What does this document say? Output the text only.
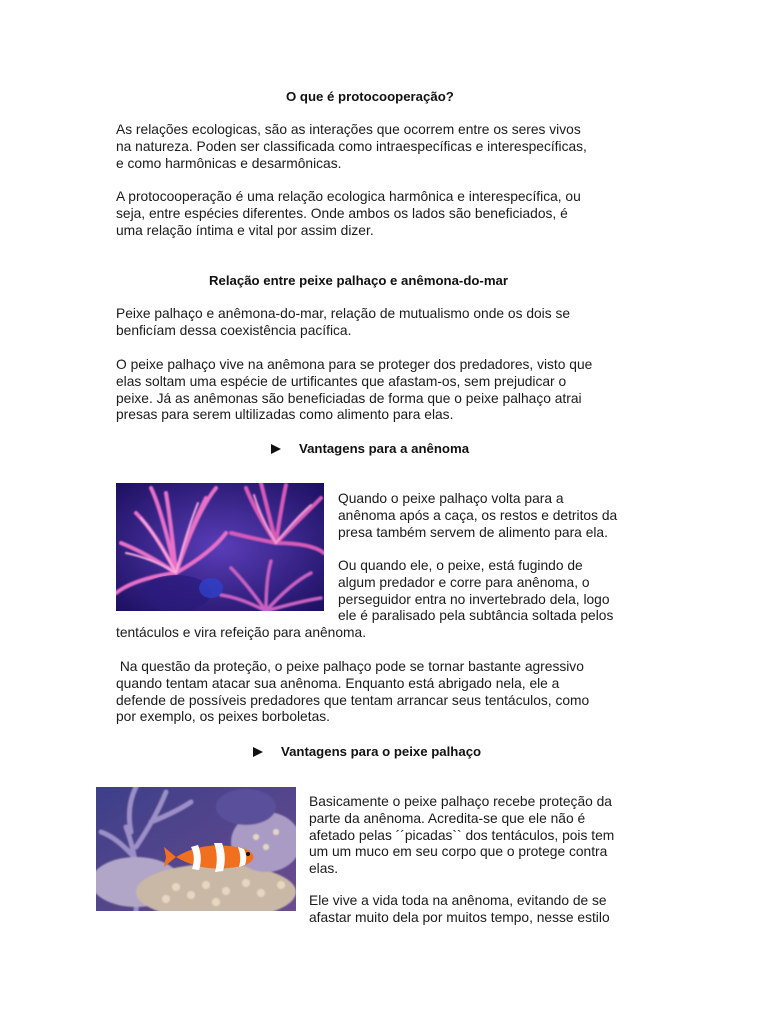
O que é protocooperação?
As relações ecologicas, são as interações que ocorrem entre os seres vivos
na natureza. Poden ser classificada como intraespecíficas e interespecíficas,
e como harmônicas e desarmônicas.
A protocooperação é uma relação ecologica harmônica e interespecífica, ou
seja, entre espécies diferentes. Onde ambos os lados são beneficiados, é
uma relação íntima e vital por assim dizer.
Relação entre peixe palhaço e anêmona-do-mar
Peixe palhaço e anêmona-do-mar, relação de mutualismo onde os dois se
benficíam dessa coexistência pacífica.
O peixe palhaço vive na anêmona para se proteger dos predadores, visto que
elas soltam uma espécie de urtificantes que afastam-os, sem prejudicar o
peixe. Já as anêmonas são beneficiadas de forma que o peixe palhaço atrai
presas para serem ultilizadas como alimento para elas.
Vantagens para a anênoma
Quando o peixe palhaço volta para a
anênoma após a caça, os restos e detritos da
presa também servem de alimento para ela.
Ou quando ele, o peixe, está fugindo de
algum predador e corre para anênoma, o
perseguidor entra no invertebrado dela, logo
ele é paralisado pela subtância soltada pelos
tentáculos e vira refeição para anênoma.
Na questão da proteção, o peixe palhaço pode se tornar bastante agressivo
quando tentam atacar sua anênoma. Enquanto está abrigado nela, ele a
defende de possíveis predadores que tentam arrancar seus tentáculos, como
por exemplo, os peixes borboletas.
Vantagens para o peixe palhaço
Basicamente o peixe palhaço recebe proteção da
parte da anênoma. Acredita-se que ele não é
afetado pelas ´´picadas`` dos tentáculos, pois tem
um um muco em seu corpo que o protege contra
elas.
Ele vive a vida toda na anênoma, evitando de se
afastar muito dela por muitos tempo, nesse estilo
